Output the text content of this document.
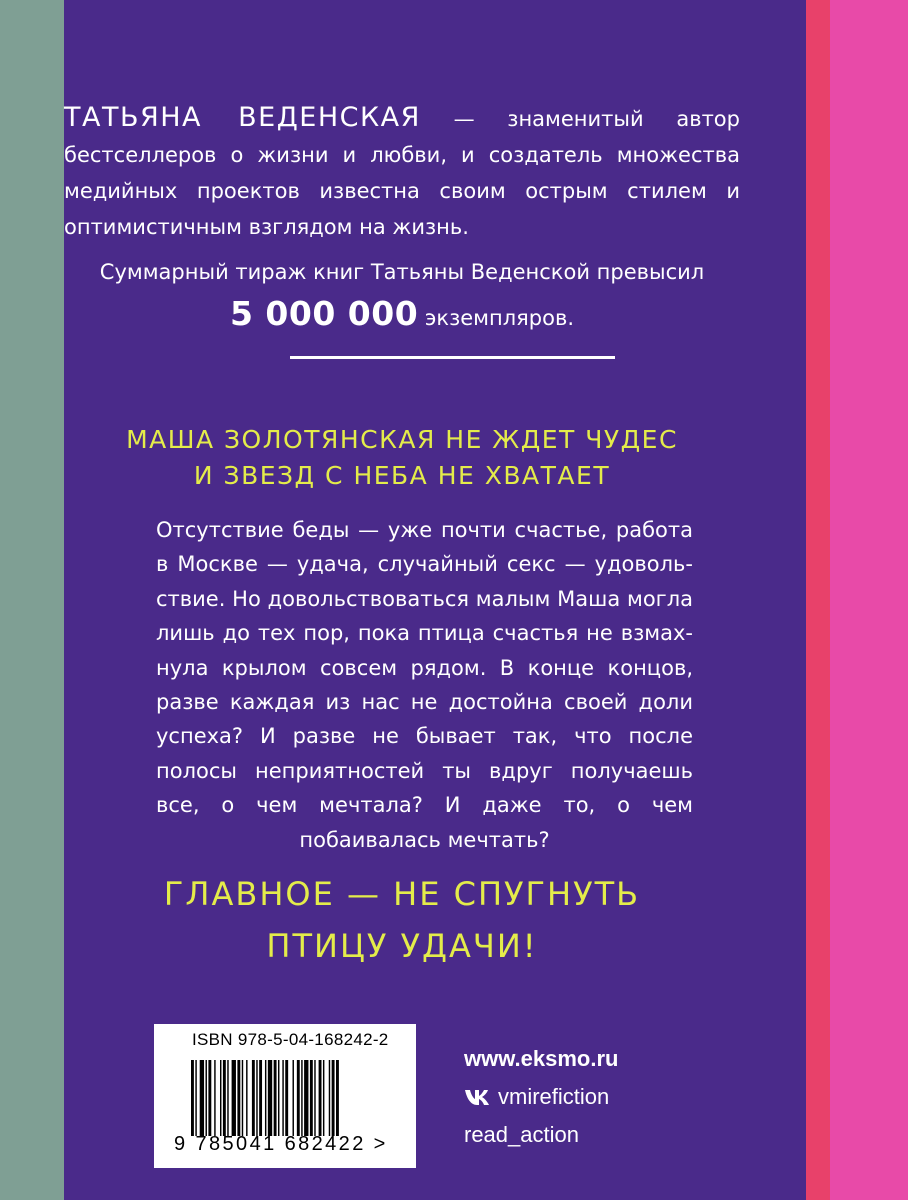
ТАТЬЯНА ВЕДЕНСКАЯ — знаменитый автор бестселлеров о жизни и любви, и создатель множества медийных проектов известна своим острым стилем и оптимистичным взглядом на жизнь.
Суммарный тираж книг Татьяны Веденской превысил
5 000 000 экземпляров.
МАША ЗОЛОТЯНСКАЯ НЕ ЖДЕТ ЧУДЕС
И ЗВЕЗД С НЕБА НЕ ХВАТАЕТ
Отсутствие беды — уже почти счастье, работа в Москве — удача, случайный секс — удовольствие. Но довольствоваться малым Маша могла лишь до тех пор, пока птица счастья не взмахнула крылом совсем рядом. В конце концов, разве каждая из нас не достойна своей доли успеха? И разве не бывает так, что после полосы неприятностей ты вдруг получаешь все, о чем мечтала? И даже то, о чем побаивалась мечтать?
ГЛАВНОЕ — НЕ СПУГНУТЬ
ПТИЦУ УДАЧИ!
ISBN 978-5-04-168242-2
9 785041 682422 >
www.eksmo.ru
vmirefiction
read_action
